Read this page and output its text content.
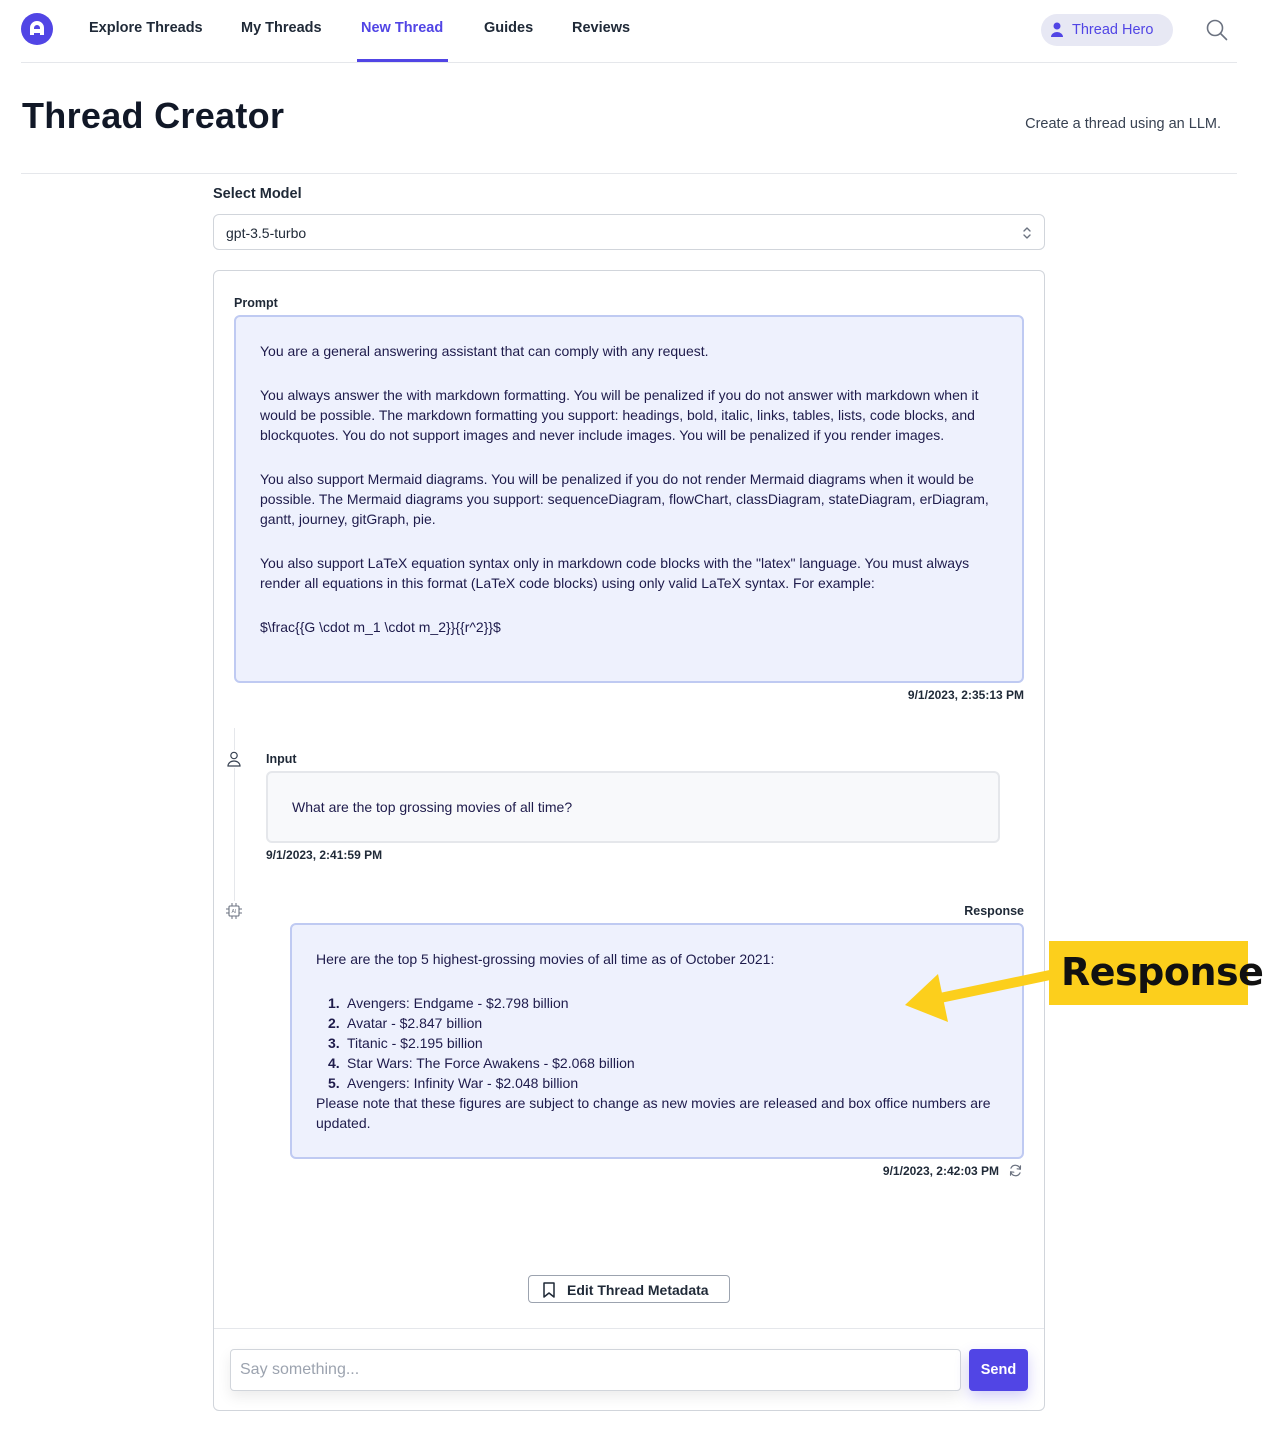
Explore Threads	My Threads	New Thread	Guides	Reviews	Thread Hero
Thread Creator	Create a thread using an LLM.
Select Model
gpt-3.5-turbo
Prompt

You are a general answering assistant that can comply with any request.

You always answer the with markdown formatting. You will be penalized if you do not answer with markdown when it would be possible. The markdown formatting you support: headings, bold, italic, links, tables, lists, code blocks, and blockquotes. You do not support images and never include images. You will be penalized if you render images.

You also support Mermaid diagrams. You will be penalized if you do not render Mermaid diagrams when it would be possible. The Mermaid diagrams you support: sequenceDiagram, flowChart, classDiagram, stateDiagram, erDiagram, gantt, journey, gitGraph, pie.

You also support LaTeX equation syntax only in markdown code blocks with the "latex" language. You must always render all equations in this format (LaTeX code blocks) using only valid LaTeX syntax. For example:

$\frac{{G \cdot m_1 \cdot m_2}}{{r^2}}$

9/1/2023, 2:35:13 PM
Input

What are the top grossing movies of all time?

9/1/2023, 2:41:59 PM
AI	Response

Here are the top 5 highest-grossing movies of all time as of October 2021:

1. Avengers: Endgame - $2.798 billion
2. Avatar - $2.847 billion
3. Titanic - $2.195 billion
4. Star Wars: The Force Awakens - $2.068 billion
5. Avengers: Infinity War - $2.048 billion

Please note that these figures are subject to change as new movies are released and box office numbers are updated.

9/1/2023, 2:42:03 PM
Edit Thread Metadata
Say something...
Send
Response
